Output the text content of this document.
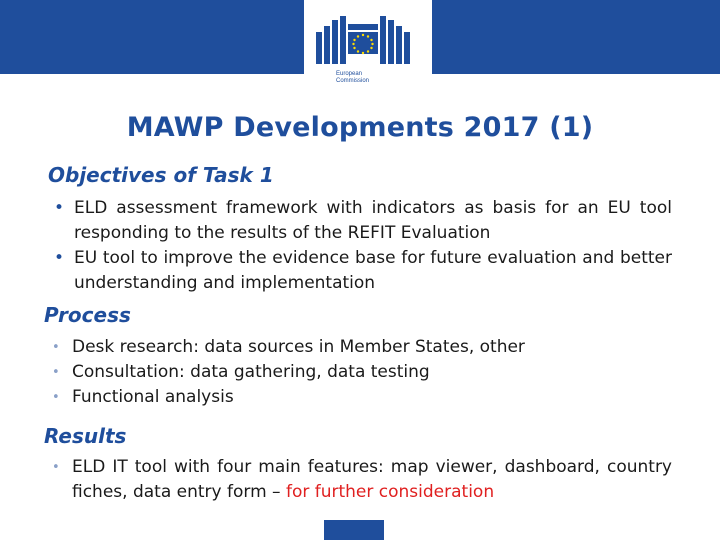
European
Commission
MAWP Developments 2017 (1)
Objectives of Task 1
• ELD assessment framework with indicators as basis for an EU tool responding to the results of the REFIT Evaluation
• EU tool to improve the evidence base for future evaluation and better understanding and implementation
Process
• Desk research: data sources in Member States, other
• Consultation: data gathering, data testing
• Functional analysis
Results
• ELD IT tool with four main features: map viewer, dashboard, country fiches, data entry form – for further consideration
